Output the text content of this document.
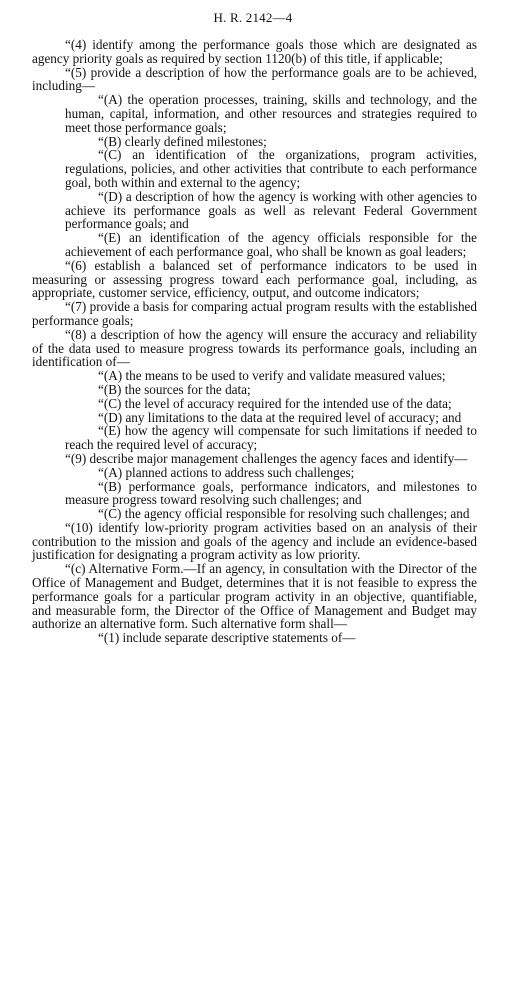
H. R. 2142—4

“(4) identify among the performance goals those which are designated as agency priority goals as required by section 1120(b) of this title, if applicable;

“(5) provide a description of how the performance goals are to be achieved, including—

“(A) the operation processes, training, skills and technology, and the human, capital, information, and other resources and strategies required to meet those performance goals;

“(B) clearly defined milestones;

“(C) an identification of the organizations, program activities, regulations, policies, and other activities that contribute to each performance goal, both within and external to the agency;

“(D) a description of how the agency is working with other agencies to achieve its performance goals as well as relevant Federal Government performance goals; and

“(E) an identification of the agency officials responsible for the achievement of each performance goal, who shall be known as goal leaders;

“(6) establish a balanced set of performance indicators to be used in measuring or assessing progress toward each performance goal, including, as appropriate, customer service, efficiency, output, and outcome indicators;

“(7) provide a basis for comparing actual program results with the established performance goals;

“(8) a description of how the agency will ensure the accuracy and reliability of the data used to measure progress towards its performance goals, including an identification of—

“(A) the means to be used to verify and validate measured values;

“(B) the sources for the data;

“(C) the level of accuracy required for the intended use of the data;

“(D) any limitations to the data at the required level of accuracy; and

“(E) how the agency will compensate for such limitations if needed to reach the required level of accuracy;

“(9) describe major management challenges the agency faces and identify—

“(A) planned actions to address such challenges;

“(B) performance goals, performance indicators, and milestones to measure progress toward resolving such challenges; and

“(C) the agency official responsible for resolving such challenges; and

“(10) identify low-priority program activities based on an analysis of their contribution to the mission and goals of the agency and include an evidence-based justification for designating a program activity as low priority.

“(c) Alternative Form.—If an agency, in consultation with the Director of the Office of Management and Budget, determines that it is not feasible to express the performance goals for a particular program activity in an objective, quantifiable, and measurable form, the Director of the Office of Management and Budget may authorize an alternative form. Such alternative form shall—

“(1) include separate descriptive statements of—
